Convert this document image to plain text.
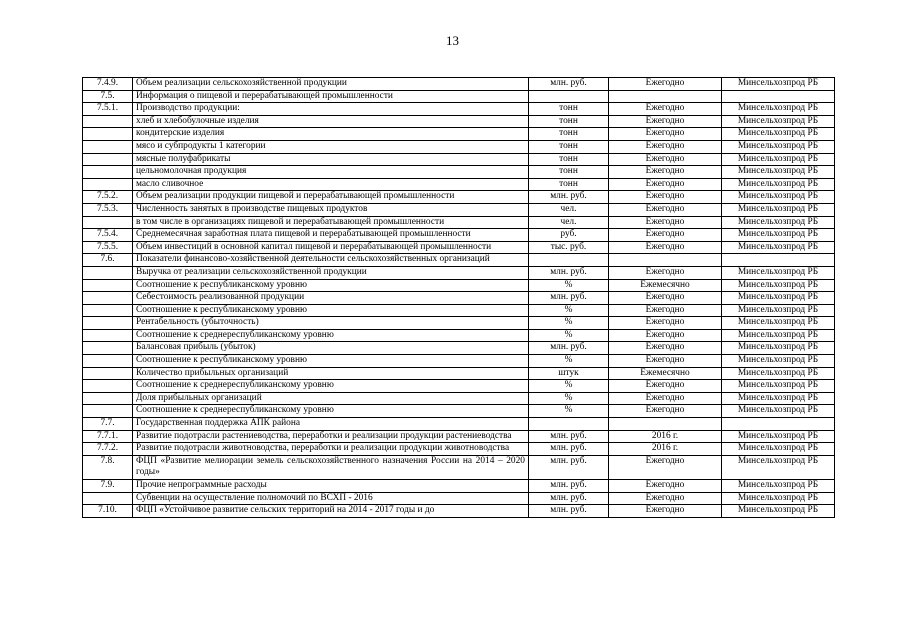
13
7.4.9.	Объем реализации сельскохозяйственной продукции	млн. руб.	Ежегодно	Минсельхозпрод РБ
7.5.	Информация о пищевой и перерабатывающей промышленности			
7.5.1.	Производство продукции:	тонн	Ежегодно	Минсельхозпрод РБ
	хлеб и хлебобулочные изделия	тонн	Ежегодно	Минсельхозпрод РБ
	кондитерские изделия	тонн	Ежегодно	Минсельхозпрод РБ
	мясо и субпродукты 1 категории	тонн	Ежегодно	Минсельхозпрод РБ
	мясные полуфабрикаты	тонн	Ежегодно	Минсельхозпрод РБ
	цельномолочная продукция	тонн	Ежегодно	Минсельхозпрод РБ
	масло сливочное	тонн	Ежегодно	Минсельхозпрод РБ
7.5.2.	Объем реализации продукции пищевой и перерабатывающей промышленности	млн. руб.	Ежегодно	Минсельхозпрод РБ
7.5.3.	Численность занятых в производстве пищевых продуктов	чел.	Ежегодно	Минсельхозпрод РБ
	в том числе в организациях пищевой и перерабатывающей промышленности	чел.	Ежегодно	Минсельхозпрод РБ
7.5.4.	Среднемесячная заработная плата пищевой и перерабатывающей промышленности	руб.	Ежегодно	Минсельхозпрод РБ
7.5.5.	Объем инвестиций в основной капитал пищевой и перерабатывающей промышленности	тыс. руб.	Ежегодно	Минсельхозпрод РБ
7.6.	Показатели финансово-хозяйственной деятельности сельскохозяйственных организаций			
	Выручка от реализации сельскохозяйственной продукции	млн. руб.	Ежегодно	Минсельхозпрод РБ
	Соотношение к республиканскому уровню	%	Ежемесячно	Минсельхозпрод РБ
	Себестоимость реализованной продукции	млн. руб.	Ежегодно	Минсельхозпрод РБ
	Соотношение к республиканскому уровню	%	Ежегодно	Минсельхозпрод РБ
	Рентабельность (убыточность)	%	Ежегодно	Минсельхозпрод РБ
	Соотношение к среднереспубликанскому уровню	%	Ежегодно	Минсельхозпрод РБ
	Балансовая прибыль (убыток)	млн. руб.	Ежегодно	Минсельхозпрод РБ
	Соотношение к республиканскому уровню	%	Ежегодно	Минсельхозпрод РБ
	Количество прибыльных организаций	штук	Ежемесячно	Минсельхозпрод РБ
	Соотношение к среднереспубликанскому уровню	%	Ежегодно	Минсельхозпрод РБ
	Доля прибыльных организаций	%	Ежегодно	Минсельхозпрод РБ
	Соотношение к среднереспубликанскому уровню	%	Ежегодно	Минсельхозпрод РБ
7.7.	Государственная поддержка АПК района			
7.7.1.	Развитие подотрасли растениеводства, переработки и реализации продукции растениеводства	млн. руб.	2016 г.	Минсельхозпрод РБ
7.7.2.	Развитие подотрасли животноводства, переработки и реализации продукции животноводства	млн. руб.	2016 г.	Минсельхозпрод РБ
7.8.	ФЦП «Развитие мелиорации земель сельскохозяйственного назначения России на 2014 – 2020 годы»	млн. руб.	Ежегодно	Минсельхозпрод РБ
7.9.	Прочие непрограммные расходы	млн. руб.	Ежегодно	Минсельхозпрод РБ
	Субвенции на осуществление полномочий по ВСХП - 2016	млн. руб.	Ежегодно	Минсельхозпрод РБ
7.10.	ФЦП «Устойчивое развитие сельских территорий на 2014 - 2017 годы и до	млн. руб.	Ежегодно	Минсельхозпрод РБ
